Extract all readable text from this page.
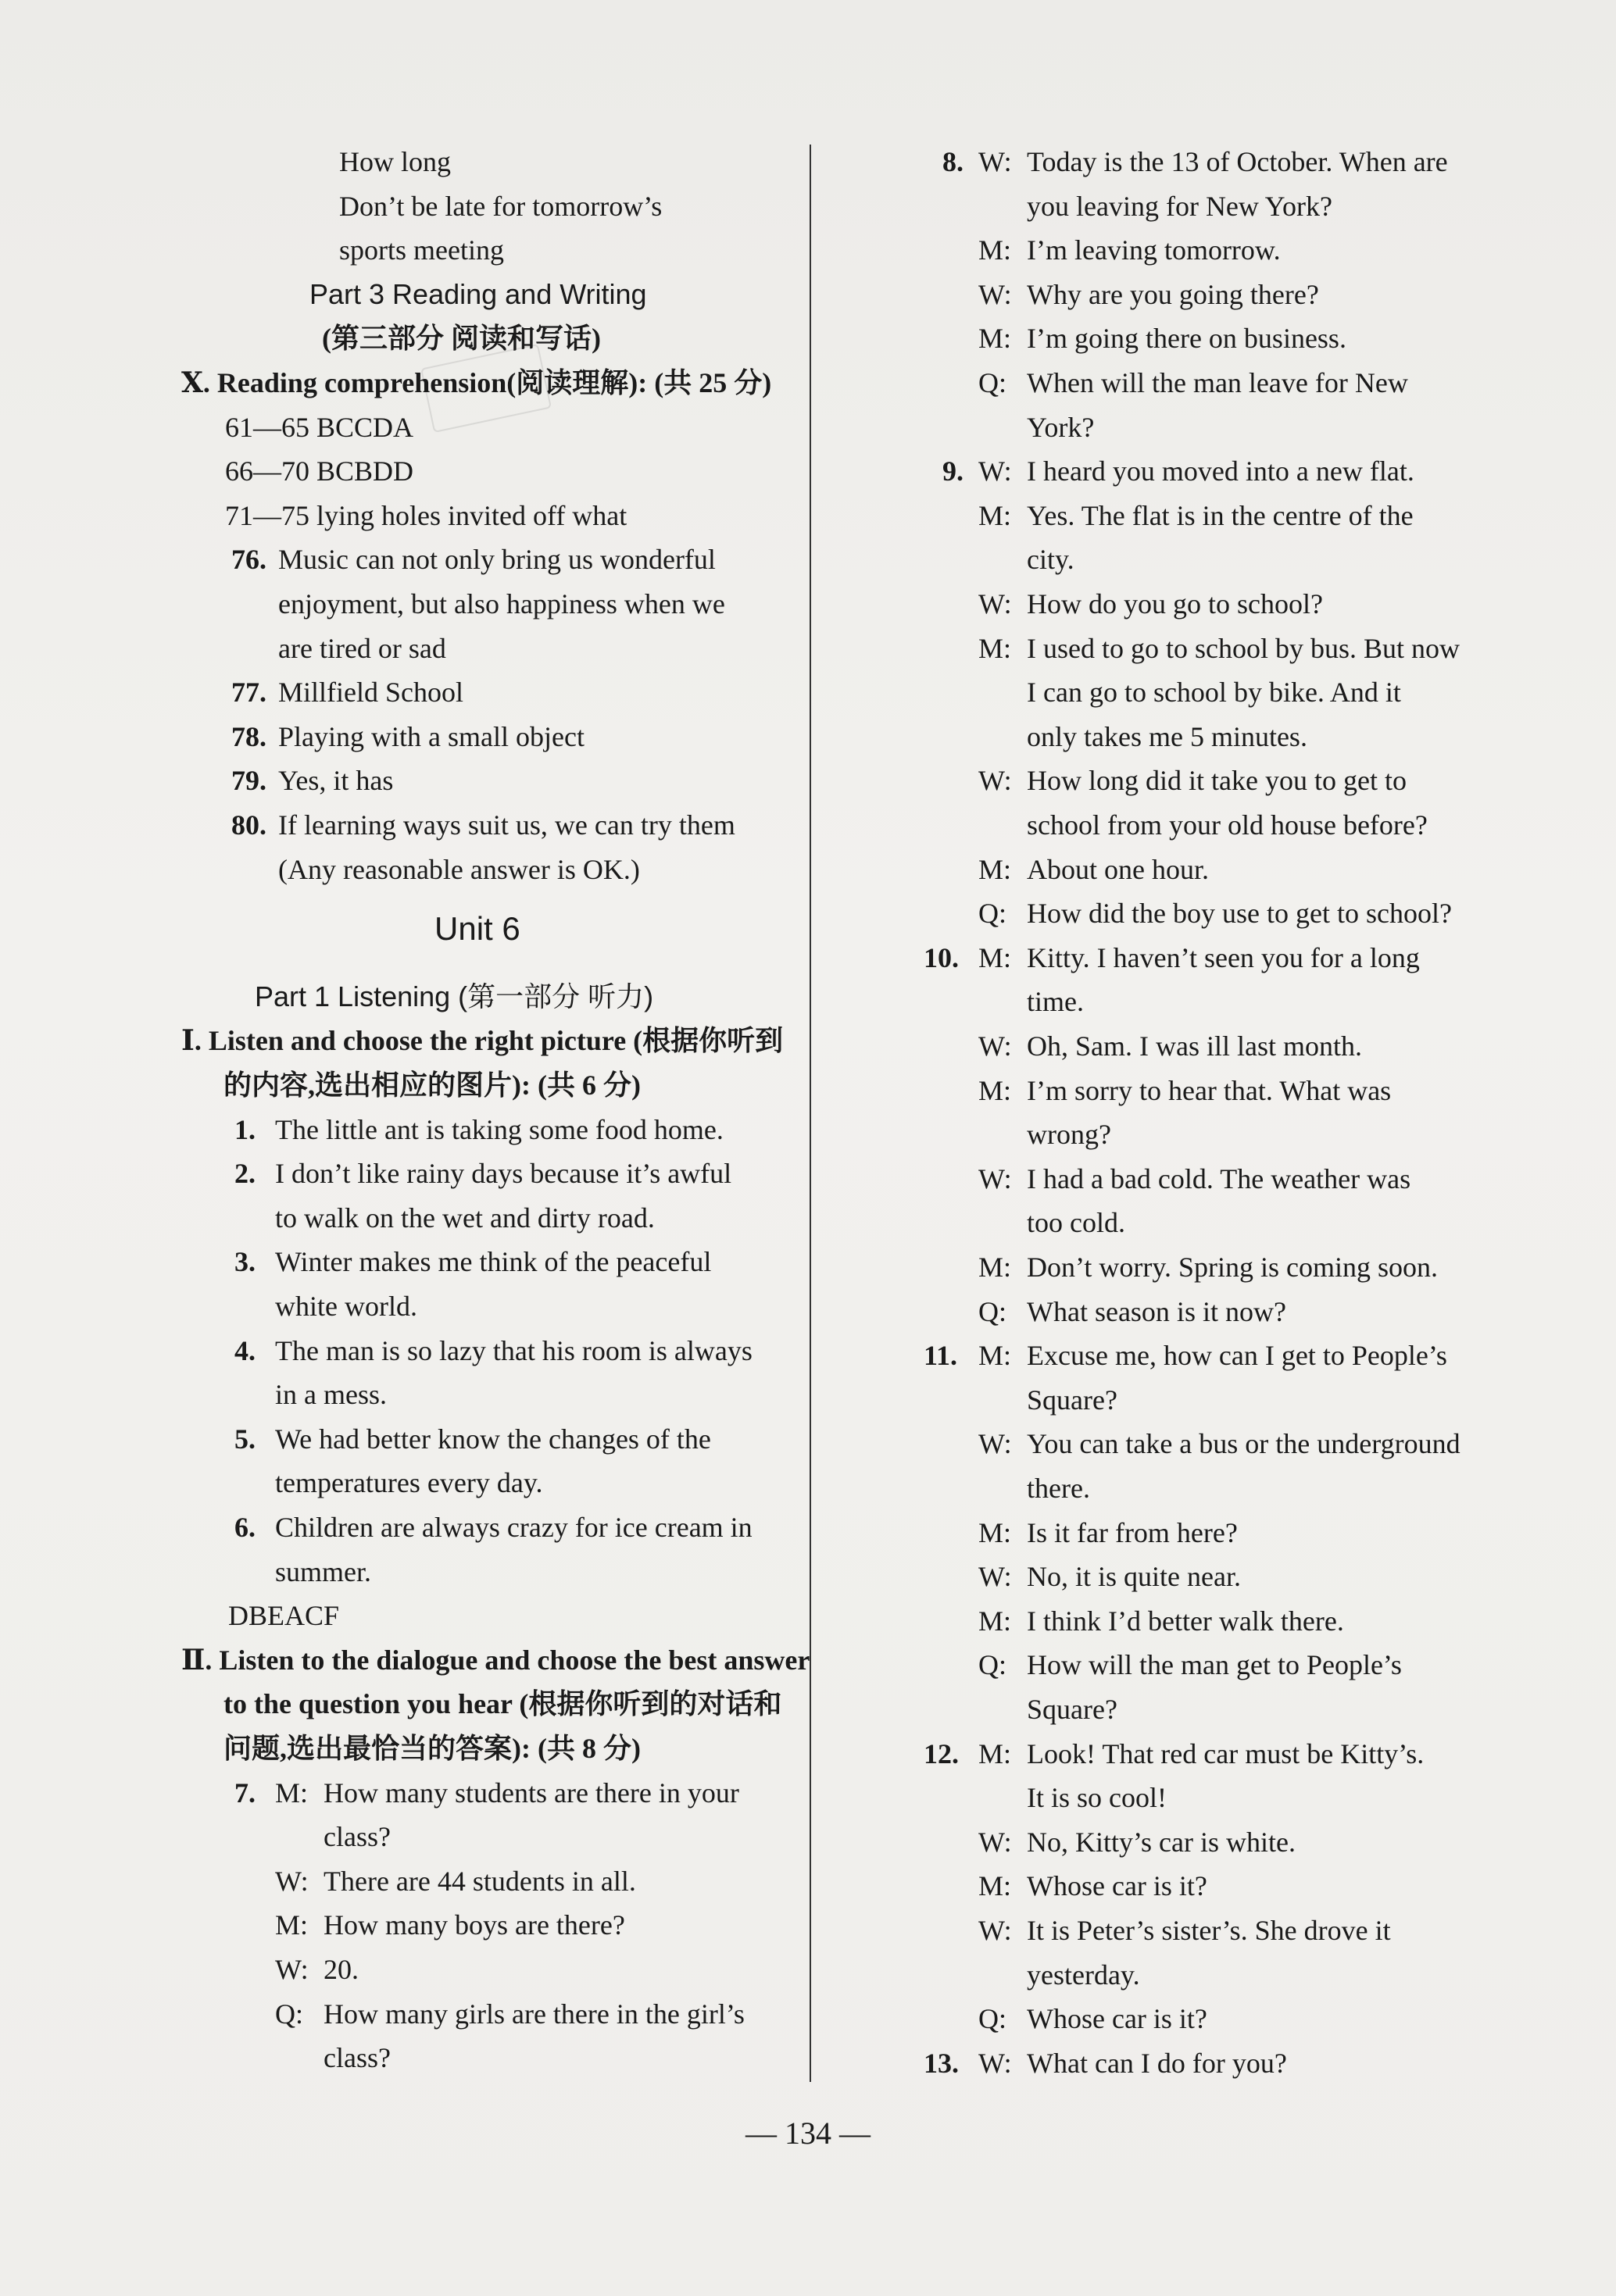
How long
Don’t be late for tomorrow’s
sports meeting
Part 3 Reading and Writing
(第三部分 阅读和写话)
Ⅹ. Reading comprehension(阅读理解): (共 25 分)
61—65 BCCDA
66—70 BCBDD
71—75 lying holes invited off what
76. Music can not only bring us wonderful
enjoyment, but also happiness when we
are tired or sad
77. Millfield School
78. Playing with a small object
79. Yes, it has
80. If learning ways suit us, we can try them
(Any reasonable answer is OK.)
Unit 6
Part 1 Listening (第一部分 听力)
Ⅰ. Listen and choose the right picture (根据你听到
的内容,选出相应的图片): (共 6 分)
1. The little ant is taking some food home.
2. I don’t like rainy days because it’s awful
to walk on the wet and dirty road.
3. Winter makes me think of the peaceful
white world.
4. The man is so lazy that his room is always
in a mess.
5. We had better know the changes of the
temperatures every day.
6. Children are always crazy for ice cream in
summer.
DBEACF
Ⅱ. Listen to the dialogue and choose the best answer
to the question you hear (根据你听到的对话和
问题,选出最恰当的答案): (共 8 分)
7. M: How many students are there in your
class?
W: There are 44 students in all.
M: How many boys are there?
W: 20.
Q: How many girls are there in the girl’s
class?
8. W: Today is the 13 of October. When are
you leaving for New York?
M: I’m leaving tomorrow.
W: Why are you going there?
M: I’m going there on business.
Q: When will the man leave for New
York?
9. W: I heard you moved into a new flat.
M: Yes. The flat is in the centre of the
city.
W: How do you go to school?
M: I used to go to school by bus. But now
I can go to school by bike. And it
only takes me 5 minutes.
W: How long did it take you to get to
school from your old house before?
M: About one hour.
Q: How did the boy use to get to school?
10. M: Kitty. I haven’t seen you for a long
time.
W: Oh, Sam. I was ill last month.
M: I’m sorry to hear that. What was
wrong?
W: I had a bad cold. The weather was
too cold.
M: Don’t worry. Spring is coming soon.
Q: What season is it now?
11. M: Excuse me, how can I get to People’s
Square?
W: You can take a bus or the underground
there.
M: Is it far from here?
W: No, it is quite near.
M: I think I’d better walk there.
Q: How will the man get to People’s
Square?
12. M: Look! That red car must be Kitty’s.
It is so cool!
W: No, Kitty’s car is white.
M: Whose car is it?
W: It is Peter’s sister’s. She drove it
yesterday.
Q: Whose car is it?
13. W: What can I do for you?
— 134 —
